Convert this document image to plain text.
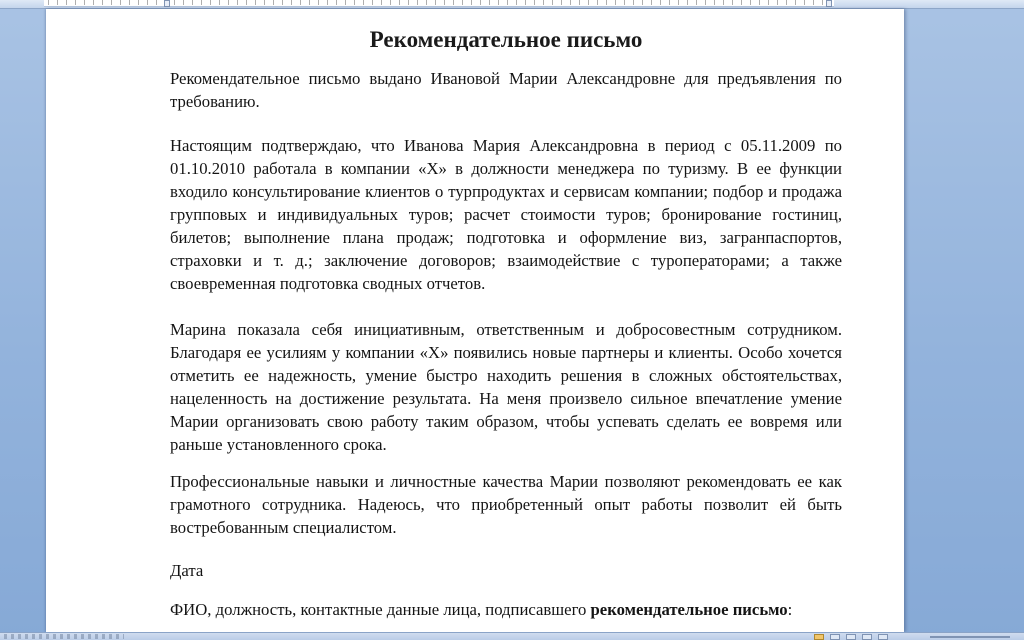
Рекомендательное письмо

Рекомендательное письмо выдано Ивановой Марии Александровне для предъявления по требованию.

Настоящим подтверждаю, что Иванова Мария Александровна в период с 05.11.2009 по 01.10.2010 работала в компании «Х» в должности менеджера по туризму. В ее функции входило консультирование клиентов о турпродуктах и сервисам компании; подбор и продажа групповых и индивидуальных туров; расчет стоимости туров; бронирование гостиниц, билетов; выполнение плана продаж; подготовка и оформление виз, загранпаспортов, страховки и т. д.; заключение договоров; взаимодействие с туроператорами; а также своевременная подготовка сводных отчетов.

Марина показала себя инициативным, ответственным и добросовестным сотрудником. Благодаря ее усилиям у компании «Х» появились новые партнеры и клиенты. Особо хочется отметить ее надежность, умение быстро находить решения в сложных обстоятельствах, нацеленность на достижение результата. На меня произвело сильное впечатление умение Марии организовать свою работу таким образом, чтобы успевать сделать ее вовремя или раньше установленного срока.

Профессиональные навыки и личностные качества Марии позволяют рекомендовать ее как грамотного сотрудника. Надеюсь, что приобретенный опыт работы позволит ей быть востребованным специалистом.

Дата

ФИО, должность, контактные данные лица, подписавшего рекомендательное письмо:
